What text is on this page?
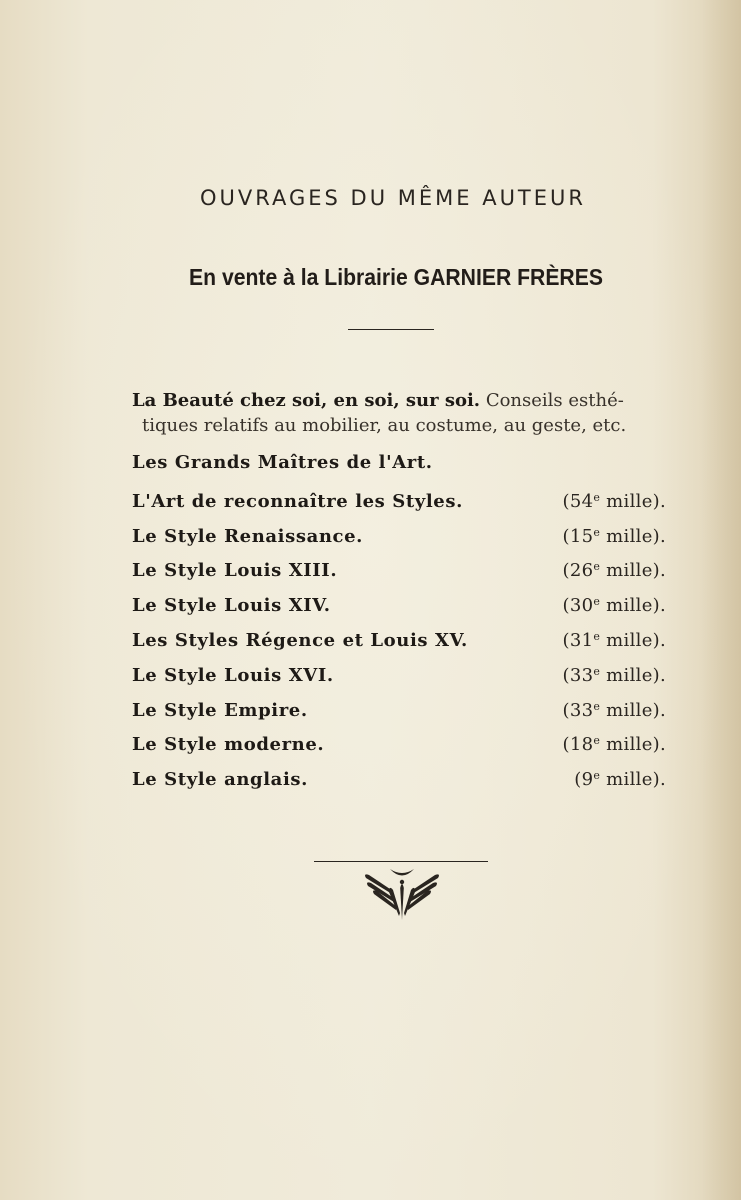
OUVRAGES DU MÊME AUTEUR
En vente à la Librairie GARNIER FRÈRES
La Beauté chez soi, en soi, sur soi. Conseils esthé-
tiques relatifs au mobilier, au costume, au geste, etc.
Les Grands Maîtres de l'Art.
L'Art de reconnaître les Styles.	(54e mille).
Le Style Renaissance.	(15e mille).
Le Style Louis XIII.	(26e mille).
Le Style Louis XIV.	(30e mille).
Les Styles Régence et Louis XV.	(31e mille).
Le Style Louis XVI.	(33e mille).
Le Style Empire.	(33e mille).
Le Style moderne.	(18e mille).
Le Style anglais.	(9e mille).
